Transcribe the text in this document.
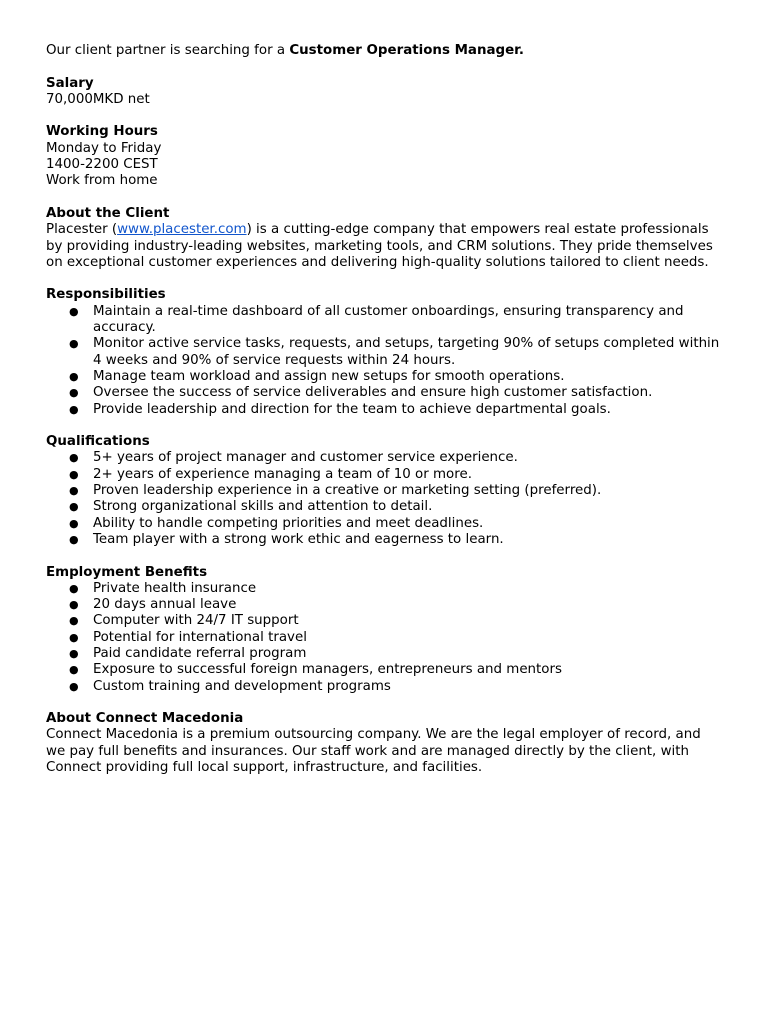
Our client partner is searching for a Customer Operations Manager.

Salary

70,000MKD net

Working Hours

Monday to Friday

1400-2200 CEST

Work from home

About the Client

Placester (www.placester.com) is a cutting-edge company that empowers real estate professionals by providing industry-leading websites, marketing tools, and CRM solutions. They pride themselves on exceptional customer experiences and delivering high-quality solutions tailored to client needs.

Responsibilities

● Maintain a real-time dashboard of all customer onboardings, ensuring transparency and accuracy.
● Monitor active service tasks, requests, and setups, targeting 90% of setups completed within 4 weeks and 90% of service requests within 24 hours.
● Manage team workload and assign new setups for smooth operations.
● Oversee the success of service deliverables and ensure high customer satisfaction.
● Provide leadership and direction for the team to achieve departmental goals.

Qualifications

● 5+ years of project manager and customer service experience.
● 2+ years of experience managing a team of 10 or more.
● Proven leadership experience in a creative or marketing setting (preferred).
● Strong organizational skills and attention to detail.
● Ability to handle competing priorities and meet deadlines.
● Team player with a strong work ethic and eagerness to learn.

Employment Benefits

● Private health insurance
● 20 days annual leave
● Computer with 24/7 IT support
● Potential for international travel
● Paid candidate referral program
● Exposure to successful foreign managers, entrepreneurs and mentors
● Custom training and development programs

About Connect Macedonia

Connect Macedonia is a premium outsourcing company. We are the legal employer of record, and we pay full benefits and insurances. Our staff work and are managed directly by the client, with Connect providing full local support, infrastructure, and facilities.
